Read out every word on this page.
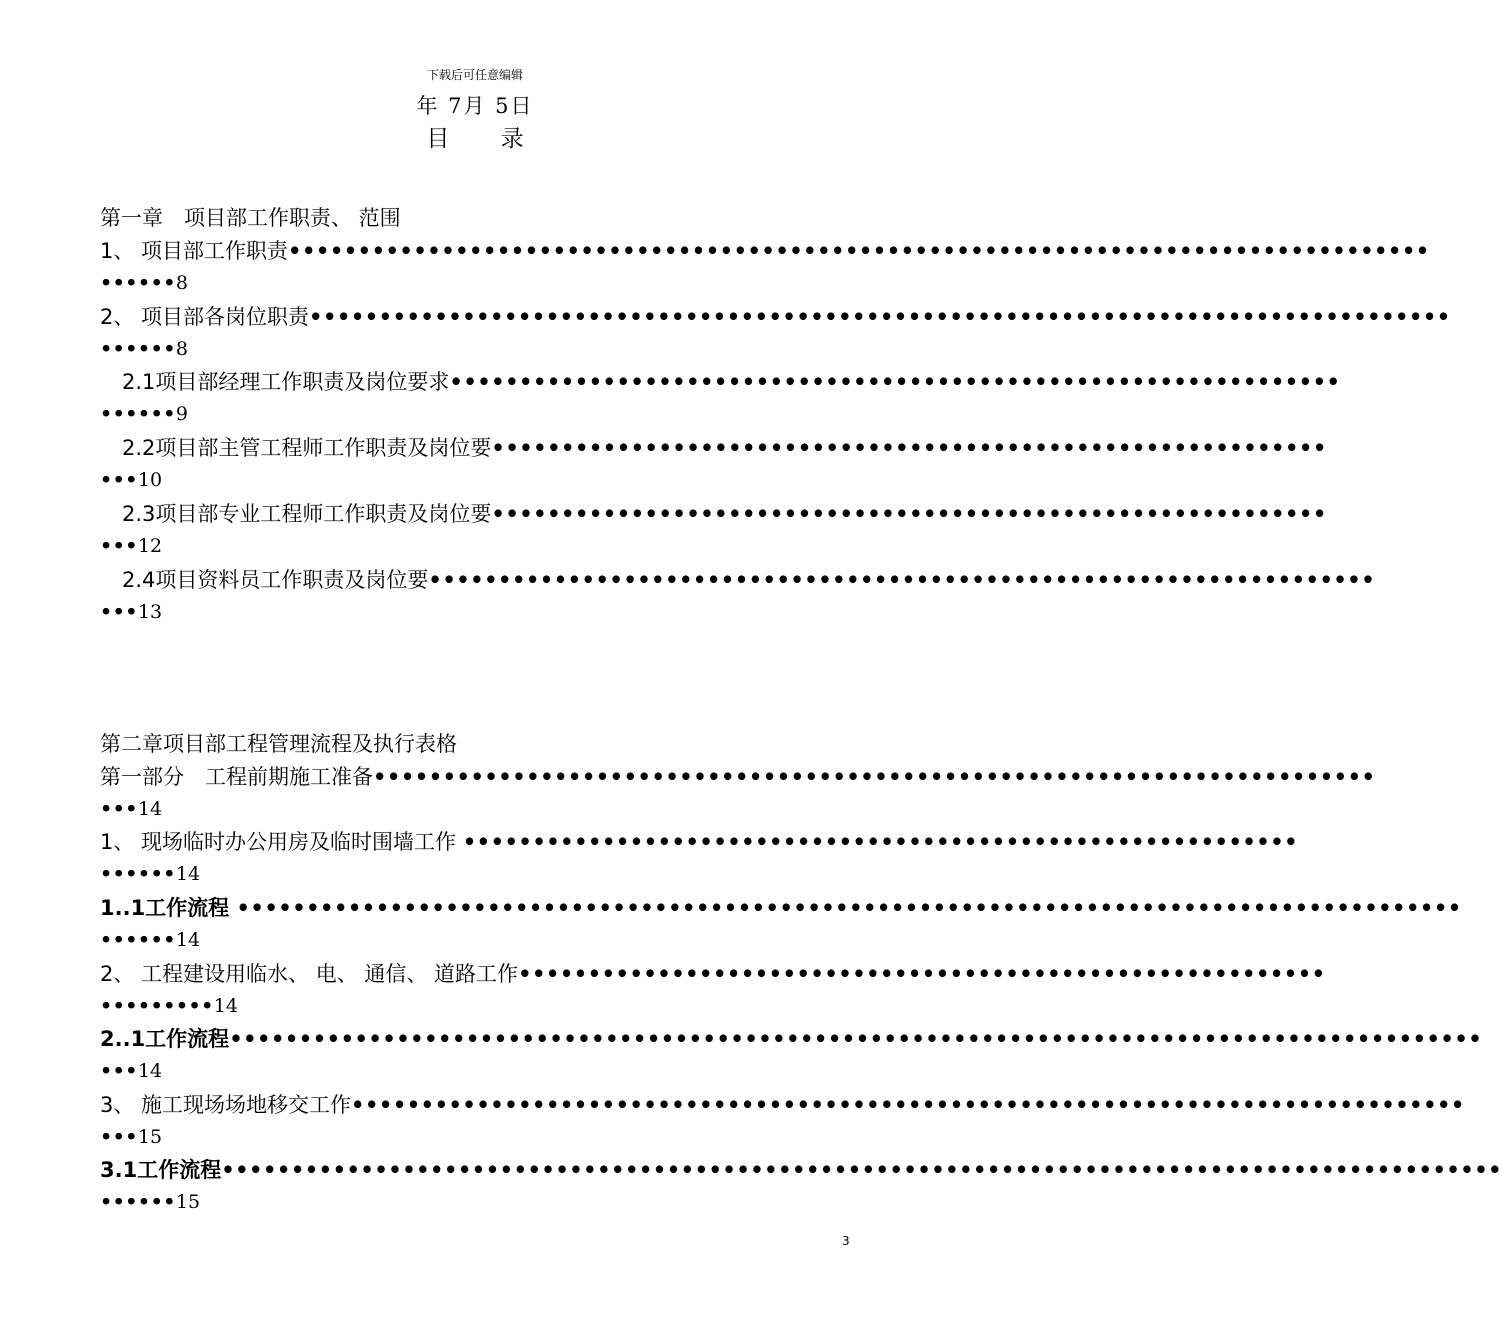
下载后可任意编辑
年 7月 5日
目 录
第一章　项目部工作职责、 范围
1、 项目部工作职责••••••••••••••••••••••••••••••••••••••••••••••••••••••••••••••••••••••••••••••••••
••••••8
2、 项目部各岗位职责••••••••••••••••••••••••••••••••••••••••••••••••••••••••••••••••••••••••••••••••••
••••••8
2.1项目部经理工作职责及岗位要求••••••••••••••••••••••••••••••••••••••••••••••••••••••••••••••••
••••••9
2.2项目部主管工程师工作职责及岗位要••••••••••••••••••••••••••••••••••••••••••••••••••••••••••••
•••10
2.3项目部专业工程师工作职责及岗位要••••••••••••••••••••••••••••••••••••••••••••••••••••••••••••
•••12
2.4项目资料员工作职责及岗位要••••••••••••••••••••••••••••••••••••••••••••••••••••••••••••••••••••
•••13
第二章项目部工程管理流程及执行表格
第一部分　工程前期施工准备••••••••••••••••••••••••••••••••••••••••••••••••••••••••••••••••••••••••
•••14
1、 现场临时办公用房及临时围墙工作 ••••••••••••••••••••••••••••••••••••••••••••••••••••••••••••
••••••14
1..1工作流程 ••••••••••••••••••••••••••••••••••••••••••••••••••••••••••••••••••••••••••••••••••••••••
••••••14
2、 工程建设用临水、 电、 通信、 道路工作••••••••••••••••••••••••••••••••••••••••••••••••••••••••••
•••••••••14
2..1工作流程••••••••••••••••••••••••••••••••••••••••••••••••••••••••••••••••••••••••••••••••••••••••••
•••14
3、 施工现场场地移交工作••••••••••••••••••••••••••••••••••••••••••••••••••••••••••••••••••••••••••••••••
•••15
3.1工作流程••••••••••••••••••••••••••••••••••••••••••••••••••••••••••••••••••••••••••••••••••••••••••••
••••••15
3
